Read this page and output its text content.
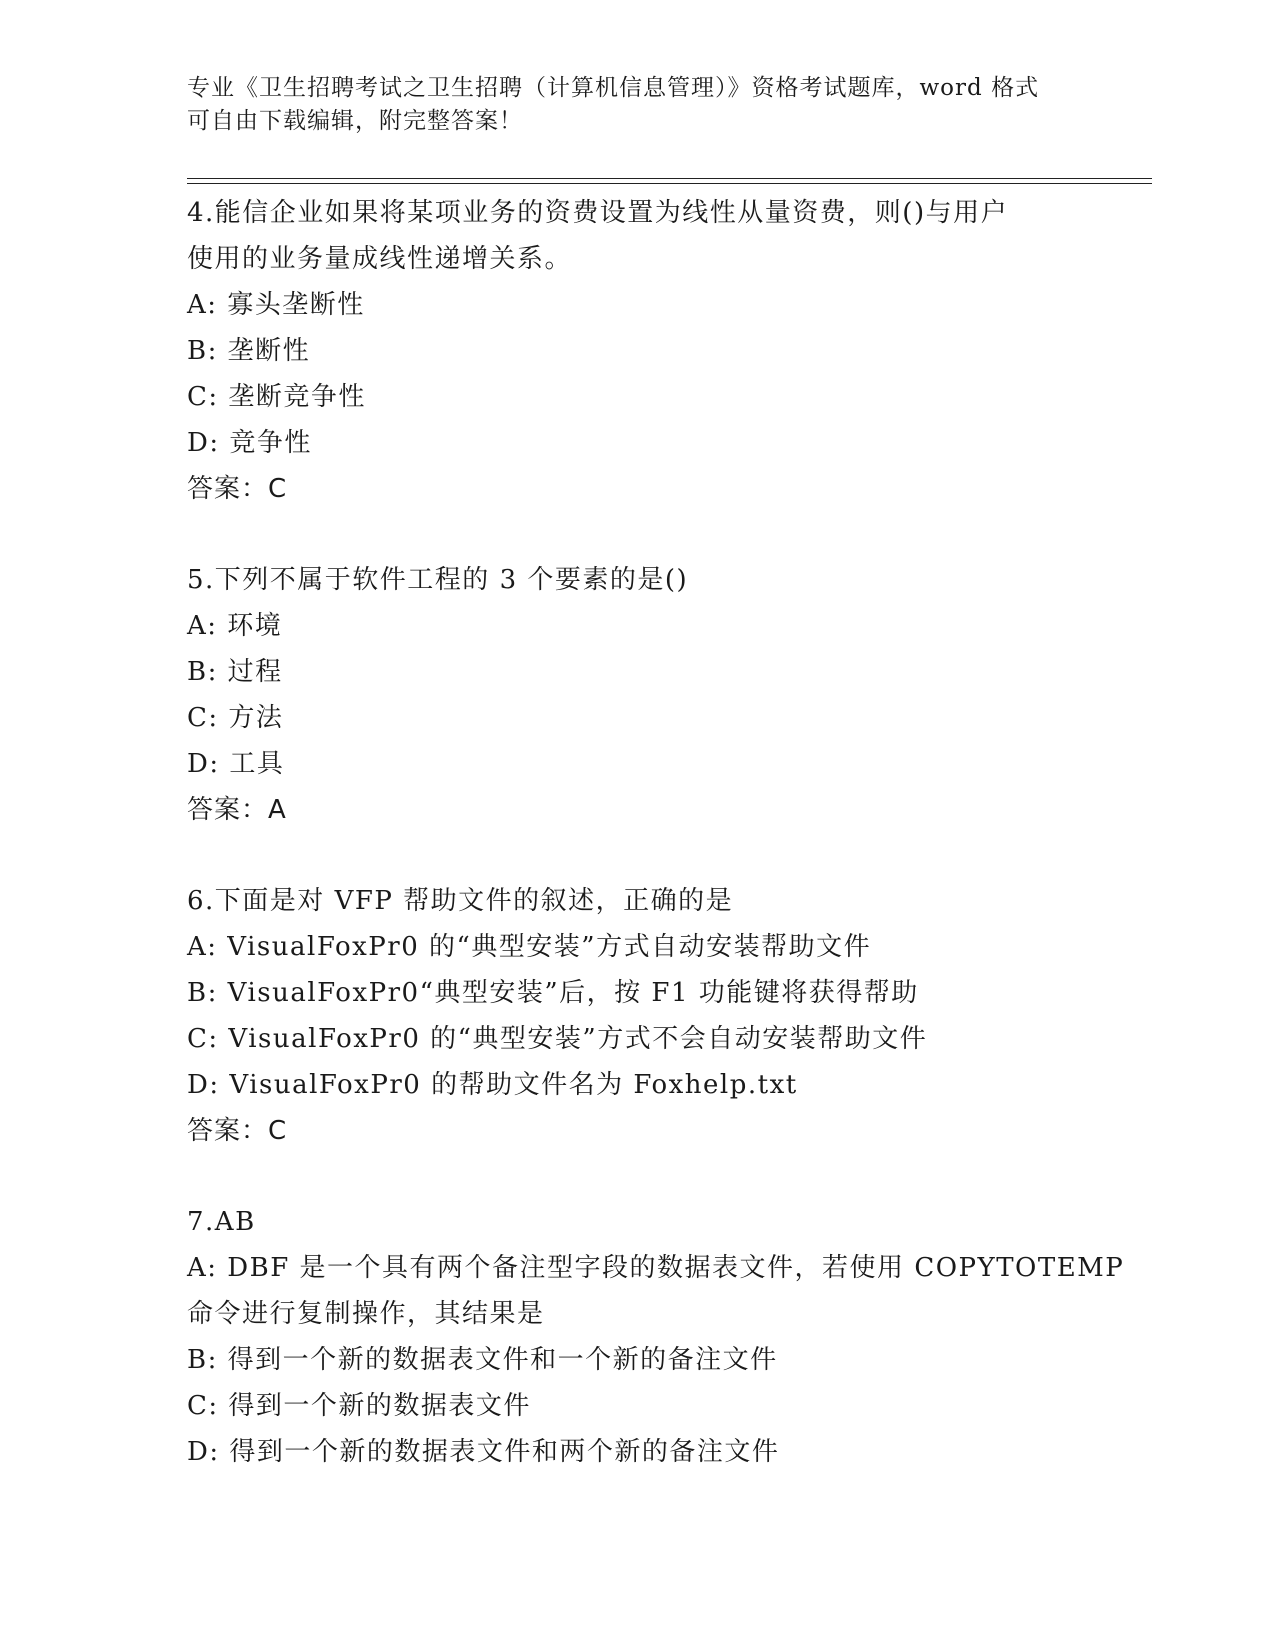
专业《卫生招聘考试之卫生招聘（计算机信息管理）》资格考试题库，word 格式
可自由下载编辑，附完整答案！
4.能信企业如果将某项业务的资费设置为线性从量资费，则()与用户
使用的业务量成线性递增关系。
A: 寡头垄断性
B: 垄断性
C: 垄断竞争性
D: 竞争性
答案：C
5.下列不属于软件工程的 3 个要素的是()
A: 环境
B: 过程
C: 方法
D: 工具
答案：A
6.下面是对 VFP 帮助文件的叙述，正确的是
A: VisualFoxPr0 的“典型安装”方式自动安装帮助文件
B: VisualFoxPr0“典型安装”后，按 F1 功能键将获得帮助
C: VisualFoxPr0 的“典型安装”方式不会自动安装帮助文件
D: VisualFoxPr0 的帮助文件名为 Foxhelp.txt
答案：C
7.AB
A: DBF 是一个具有两个备注型字段的数据表文件，若使用 COPYTOTEMP
命令进行复制操作，其结果是
B: 得到一个新的数据表文件和一个新的备注文件
C: 得到一个新的数据表文件
D: 得到一个新的数据表文件和两个新的备注文件
